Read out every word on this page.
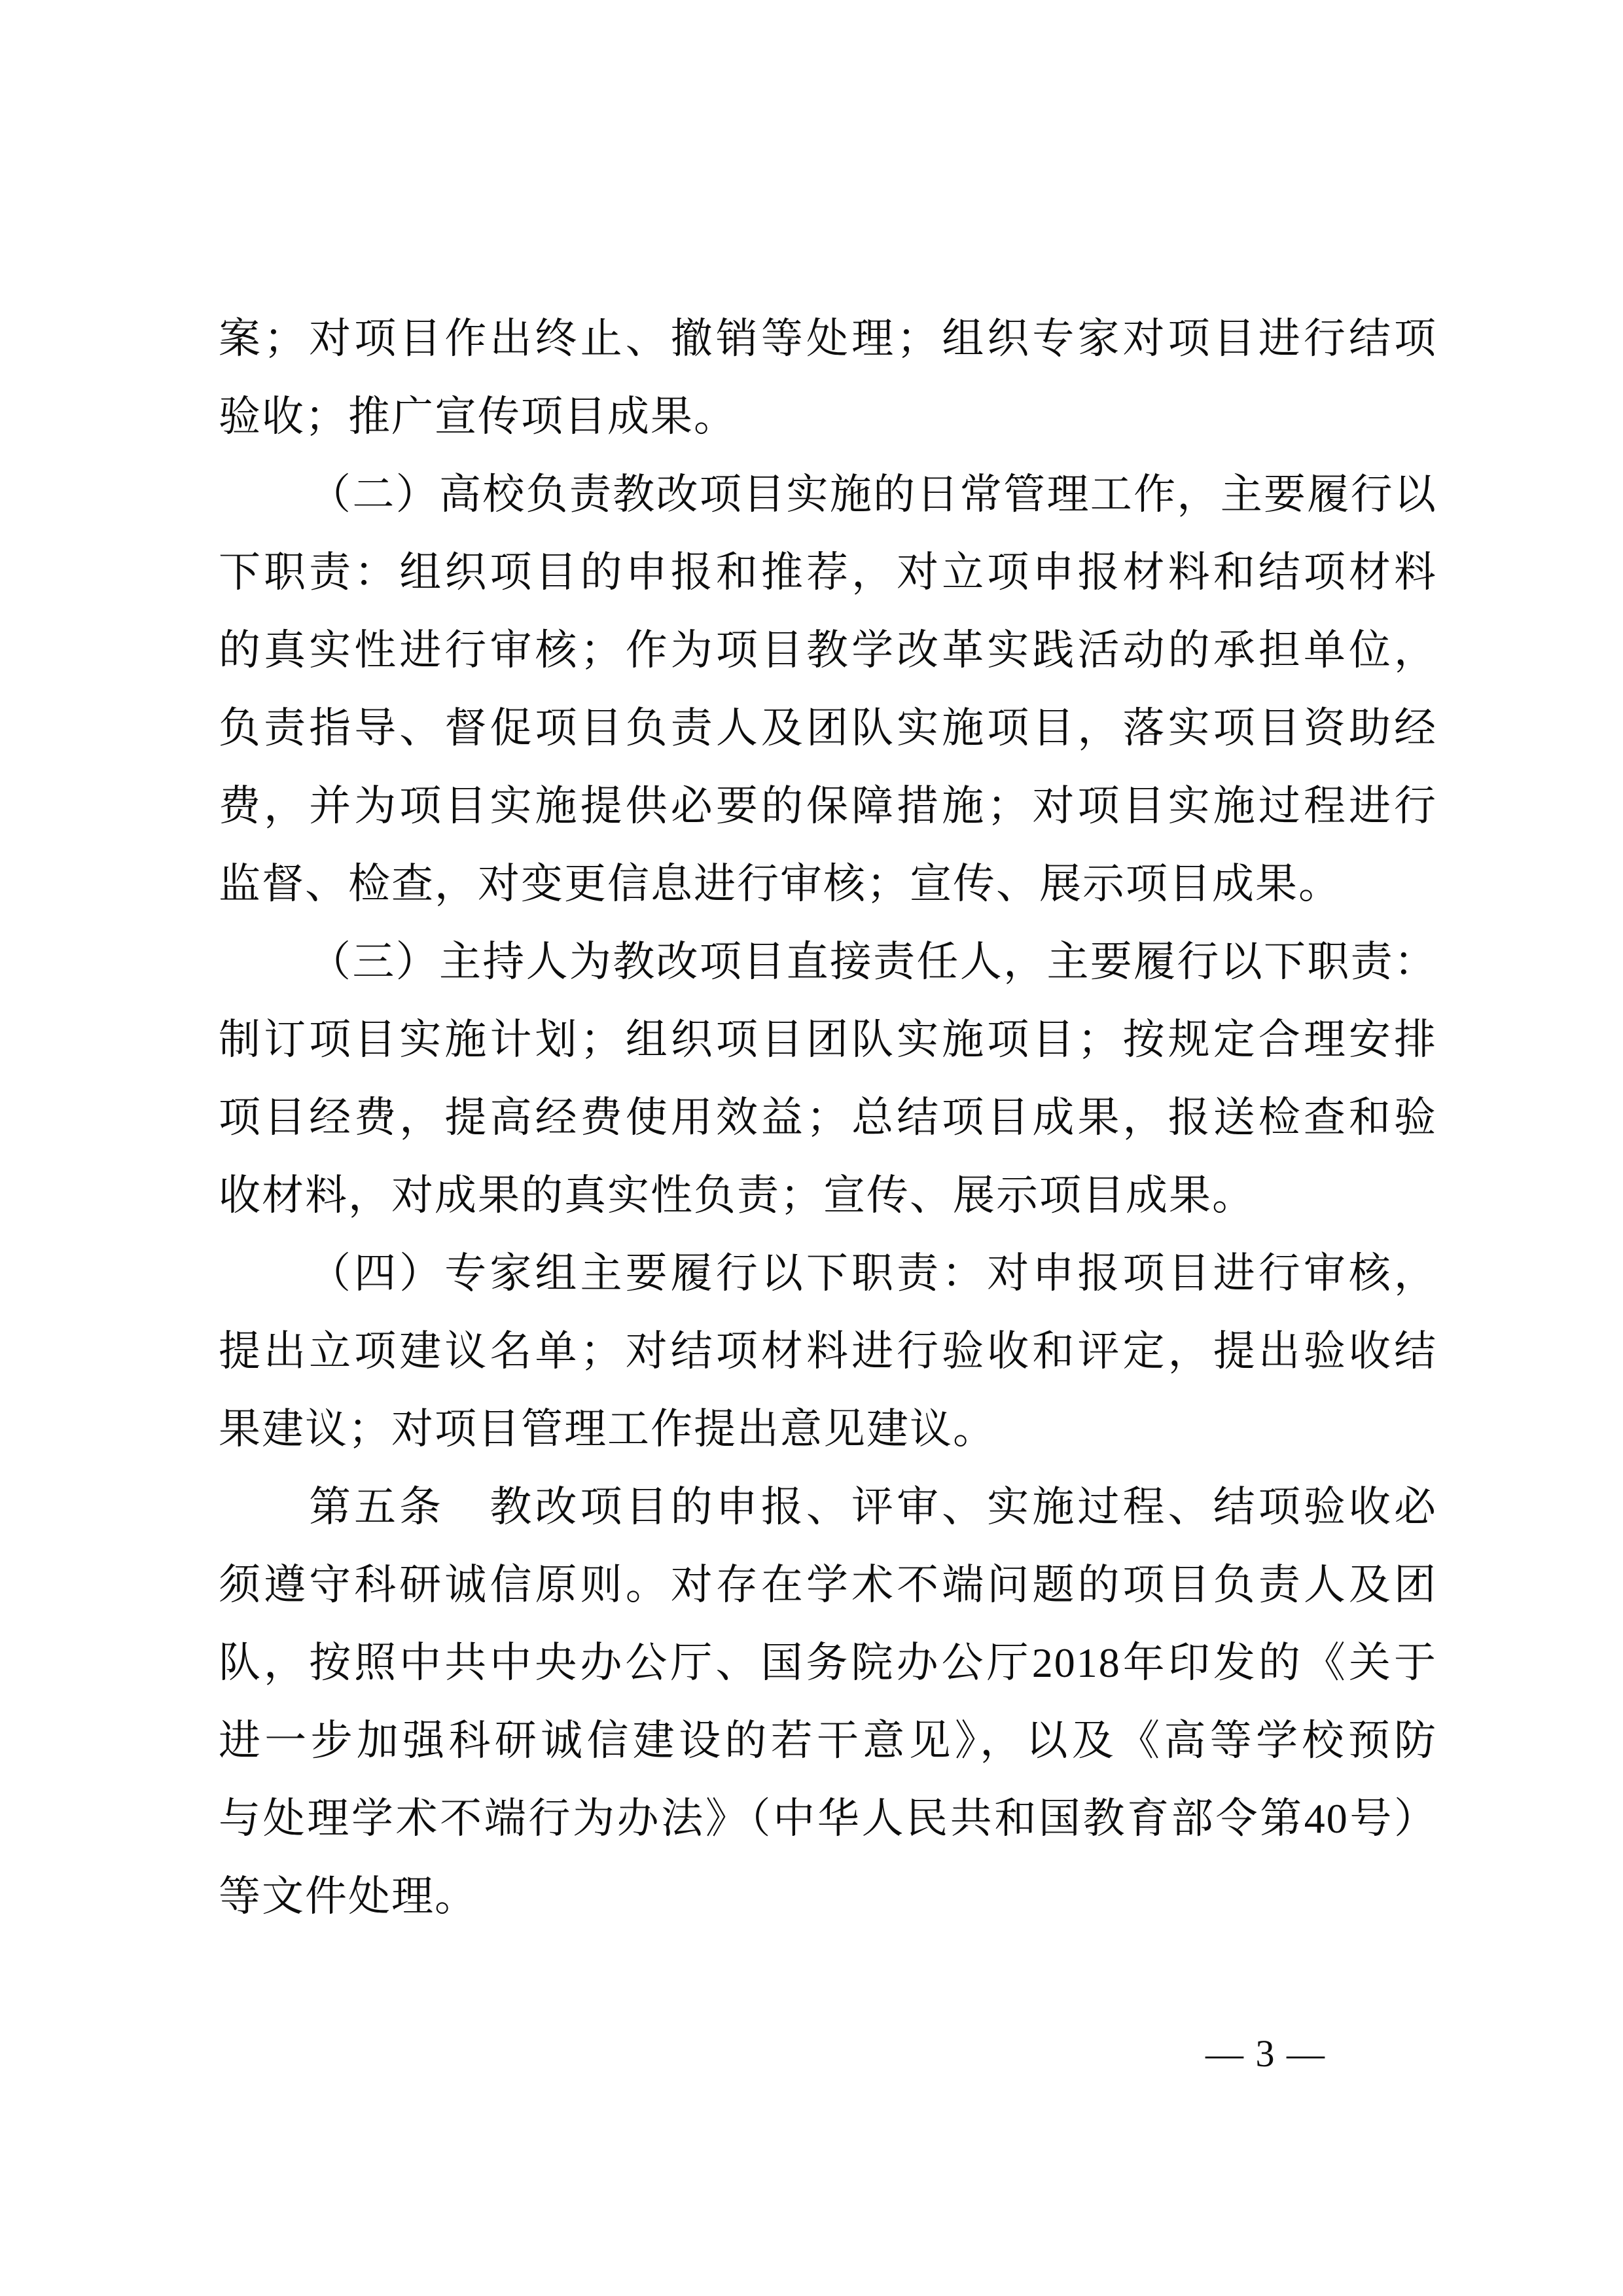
案；对项目作出终止、撤销等处理；组织专家对项目进行结项
验收；推广宣传项目成果。
（二）高校负责教改项目实施的日常管理工作，主要履行以
下职责：组织项目的申报和推荐，对立项申报材料和结项材料
的真实性进行审核；作为项目教学改革实践活动的承担单位，
负责指导、督促项目负责人及团队实施项目，落实项目资助经
费，并为项目实施提供必要的保障措施；对项目实施过程进行
监督、检查，对变更信息进行审核；宣传、展示项目成果。
（三）主持人为教改项目直接责任人，主要履行以下职责：
制订项目实施计划；组织项目团队实施项目；按规定合理安排
项目经费，提高经费使用效益；总结项目成果，报送检查和验
收材料，对成果的真实性负责；宣传、展示项目成果。
（四）专家组主要履行以下职责：对申报项目进行审核，
提出立项建议名单；对结项材料进行验收和评定，提出验收结
果建议；对项目管理工作提出意见建议。
第五条　教改项目的申报、评审、实施过程、结项验收必
须遵守科研诚信原则。对存在学术不端问题的项目负责人及团
队，按照中共中央办公厅、国务院办公厅2018年印发的《关于
进一步加强科研诚信建设的若干意见》，以及《高等学校预防
与处理学术不端行为办法》（中华人民共和国教育部令第40号）
等文件处理。
— 3 —
